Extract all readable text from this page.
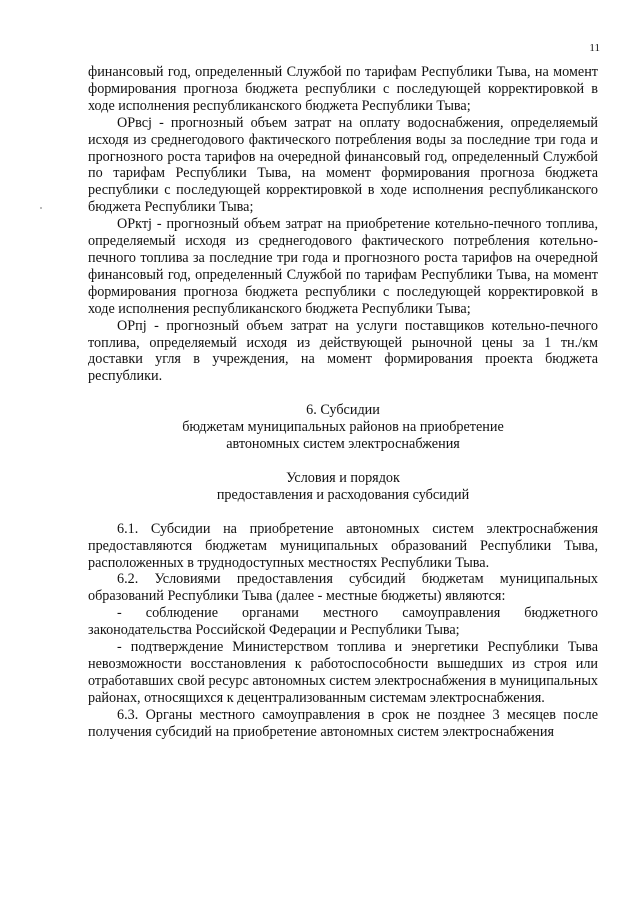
11

финансовый год, определенный Службой по тарифам Республики Тыва, на момент формирования прогноза бюджета республики с последующей корректировкой в ходе исполнения республиканского бюджета Республики Тыва;

ОРвсj - прогнозный объем затрат на оплату водоснабжения, определяемый исходя из среднегодового фактического потребления воды за последние три года и прогнозного роста тарифов на очередной финансовый год, определенный Службой по тарифам Республики Тыва, на момент формирования прогноза бюджета республики с последующей корректировкой в ходе исполнения республиканского бюджета Республики Тыва;

ОРктj - прогнозный объем затрат на приобретение котельно-печного топлива, определяемый исходя из среднегодового фактического потребления котельно-печного топлива за последние три года и прогнозного роста тарифов на очередной финансовый год, определенный Службой по тарифам Республики Тыва, на момент формирования прогноза бюджета республики с последующей корректировкой в ходе исполнения республиканского бюджета Республики Тыва;

ОРпj - прогнозный объем затрат на услуги поставщиков котельно-печного топлива, определяемый исходя из действующей рыночной цены за 1 тн./км доставки угля в учреждения, на момент формирования проекта бюджета республики.

6. Субсидии
бюджетам муниципальных районов на приобретение
автономных систем электроснабжения
Условия и порядок
предоставления и расходования субсидий

6.1. Субсидии на приобретение автономных систем электроснабжения предоставляются бюджетам муниципальных образований Республики Тыва, расположенных в труднодоступных местностях Республики Тыва.

6.2. Условиями предоставления субсидий бюджетам муниципальных образований Республики Тыва (далее - местные бюджеты) являются:

- соблюдение органами местного самоуправления бюджетного законодательства Российской Федерации и Республики Тыва;

- подтверждение Министерством топлива и энергетики Республики Тыва невозможности восстановления к работоспособности вышедших из строя или отработавших свой ресурс автономных систем электроснабжения в муниципальных районах, относящихся к децентрализованным системам электроснабжения.

6.3. Органы местного самоуправления в срок не позднее 3 месяцев после получения субсидий на приобретение автономных систем электроснабжения
